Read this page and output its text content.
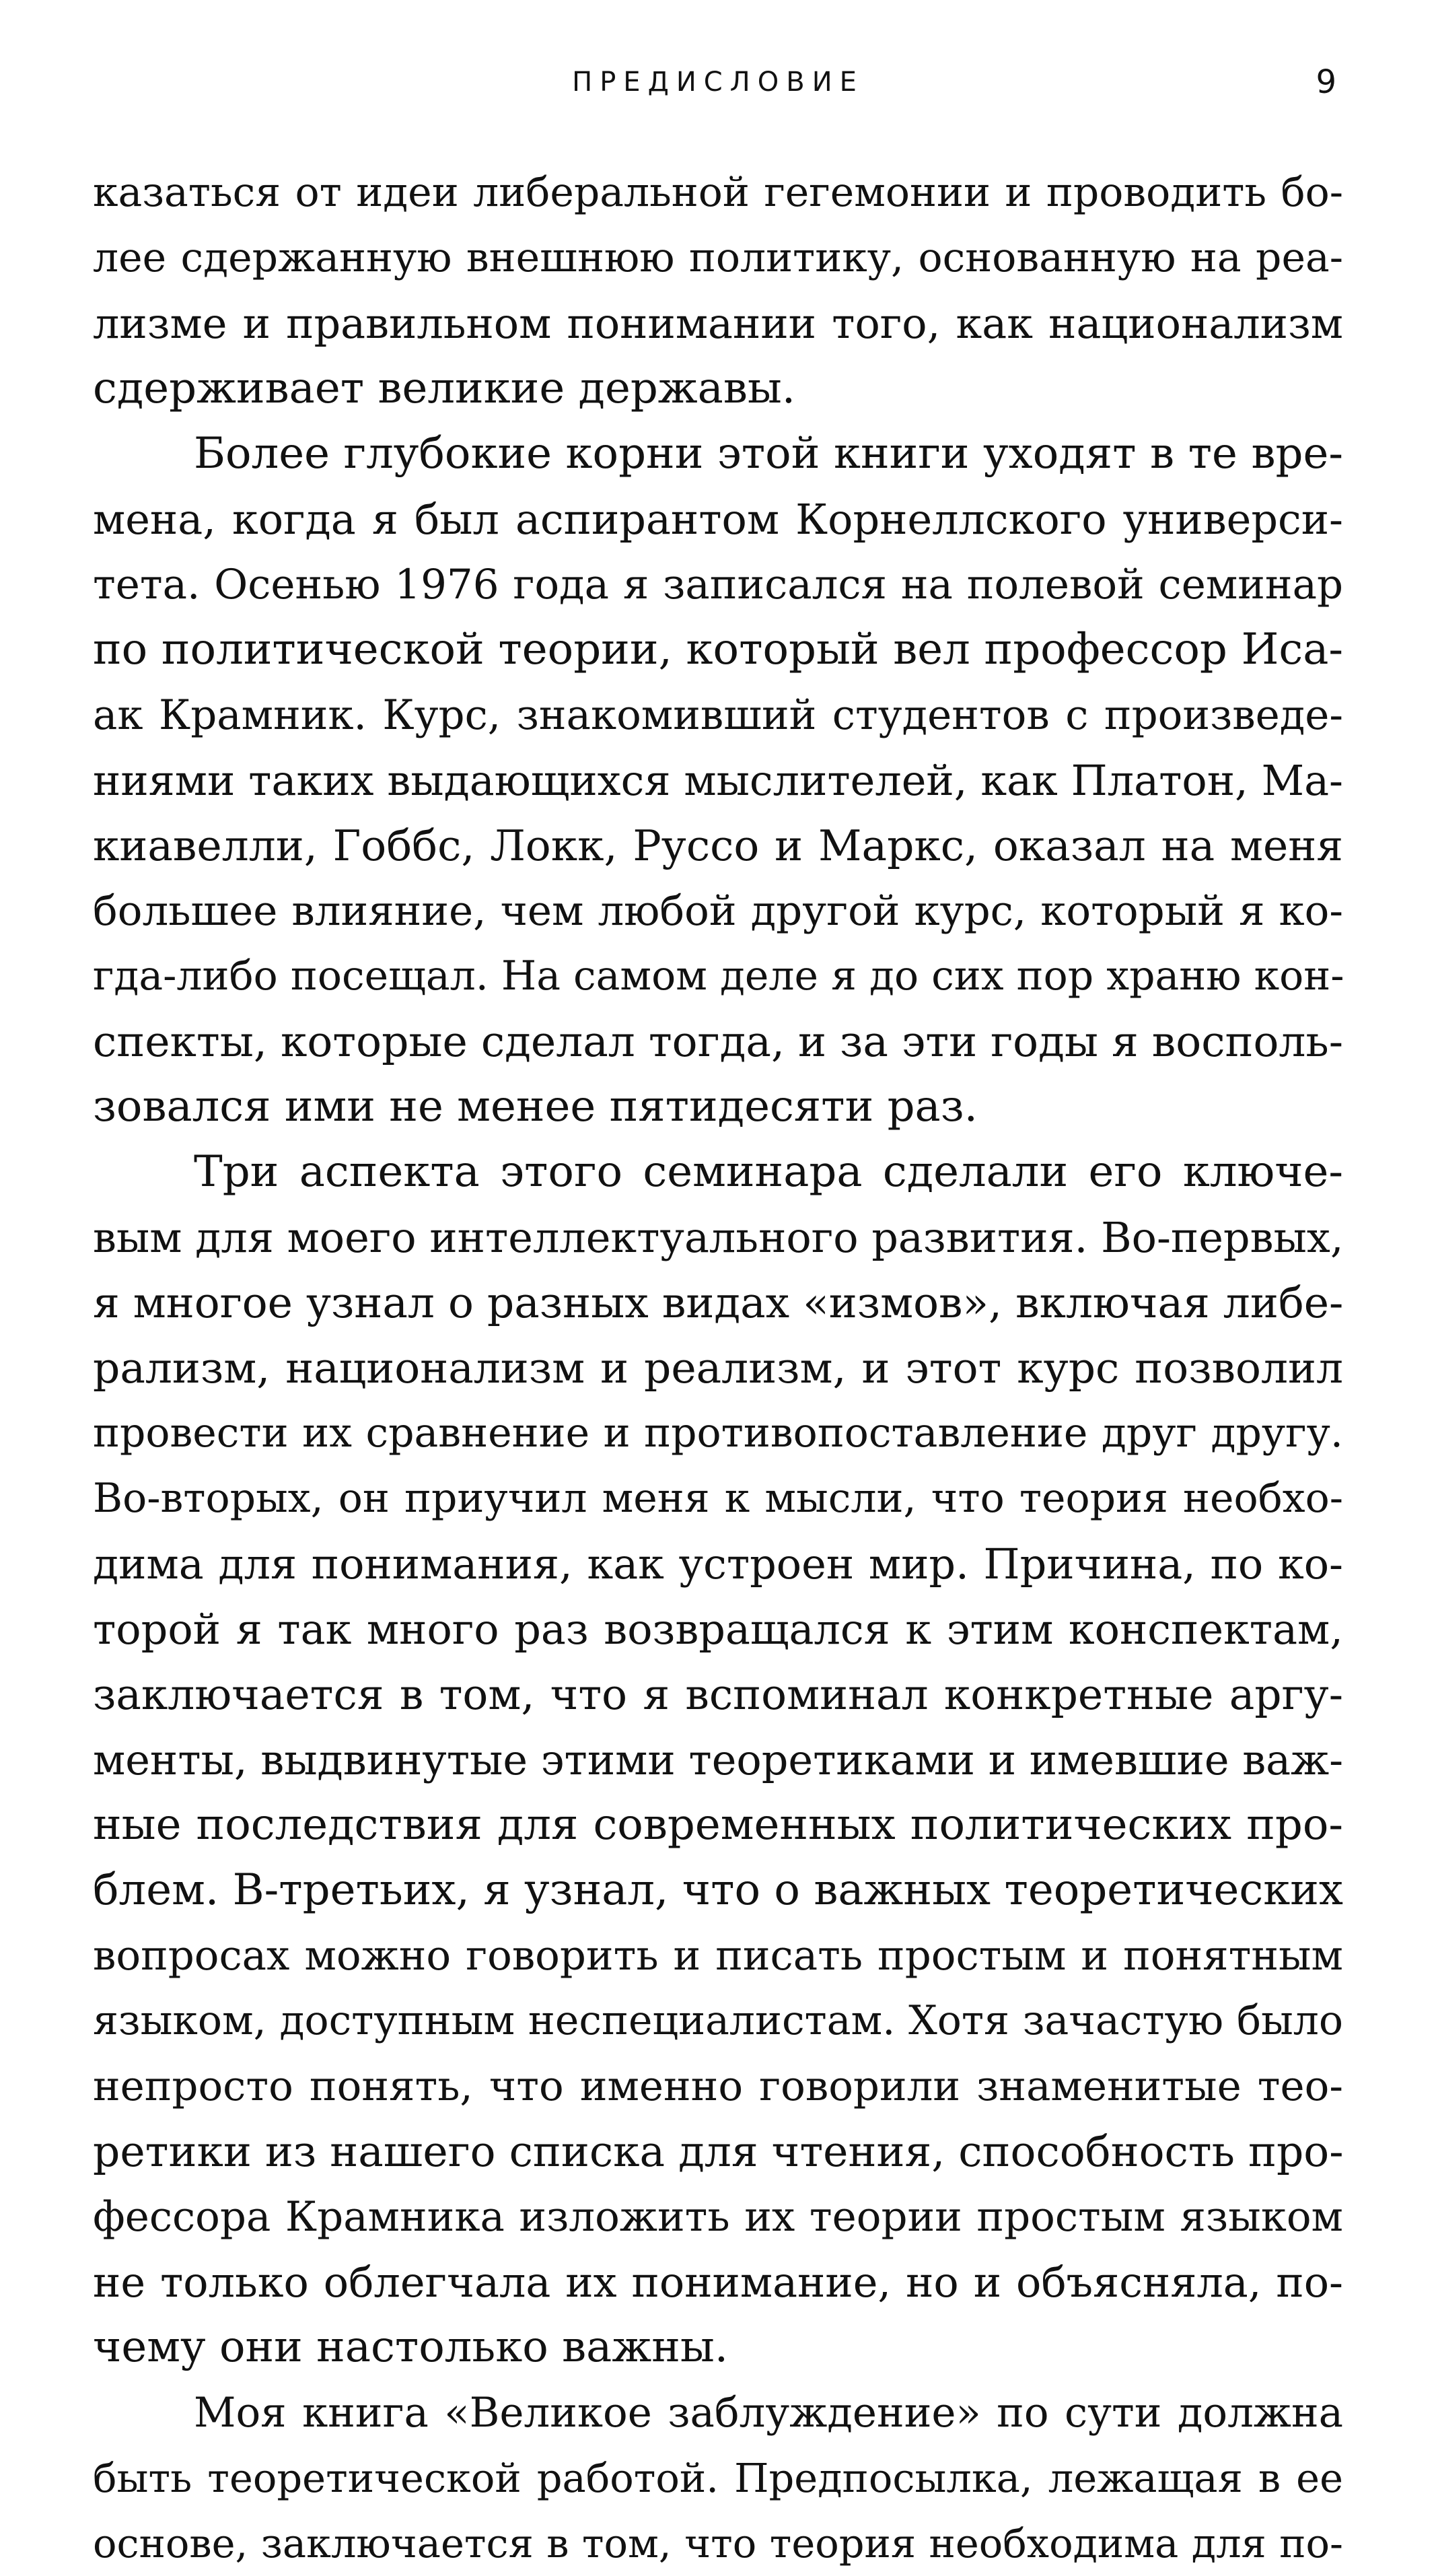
ПРЕДИСЛОВИЕ	9
казаться от идеи либеральной гегемонии и проводить бо-
лее сдержанную внешнюю политику, основанную на реа-
лизме и правильном понимании того, как национализм
сдерживает великие державы.
Более глубокие корни этой книги уходят в те вре-
мена, когда я был аспирантом Корнеллского универси-
тета. Осенью 1976 года я записался на полевой семинар
по политической теории, который вел профессор Иса-
ак Крамник. Курс, знакомивший студентов с произведе-
ниями таких выдающихся мыслителей, как Платон, Ма-
киавелли, Гоббс, Локк, Руссо и Маркс, оказал на меня
большее влияние, чем любой другой курс, который я ко-
гда-либо посещал. На самом деле я до сих пор храню кон-
спекты, которые сделал тогда, и за эти годы я восполь-
зовался ими не менее пятидесяти раз.
Три аспекта этого семинара сделали его ключе-
вым для моего интеллектуального развития. Во-первых,
я многое узнал о разных видах «измов», включая либе-
рализм, национализм и реализм, и этот курс позволил
провести их сравнение и противопоставление друг другу.
Во-вторых, он приучил меня к мысли, что теория необхо-
дима для понимания, как устроен мир. Причина, по ко-
торой я так много раз возвращался к этим конспектам,
заключается в том, что я вспоминал конкретные аргу-
менты, выдвинутые этими теоретиками и имевшие важ-
ные последствия для современных политических про-
блем. В-третьих, я узнал, что о важных теоретических
вопросах можно говорить и писать простым и понятным
языком, доступным неспециалистам. Хотя зачастую было
непросто понять, что именно говорили знаменитые тео-
ретики из нашего списка для чтения, способность про-
фессора Крамника изложить их теории простым языком
не только облегчала их понимание, но и объясняла, по-
чему они настолько важны.
Моя книга «Великое заблуждение» по сути должна
быть теоретической работой. Предпосылка, лежащая в ее
основе, заключается в том, что теория необходима для по-
